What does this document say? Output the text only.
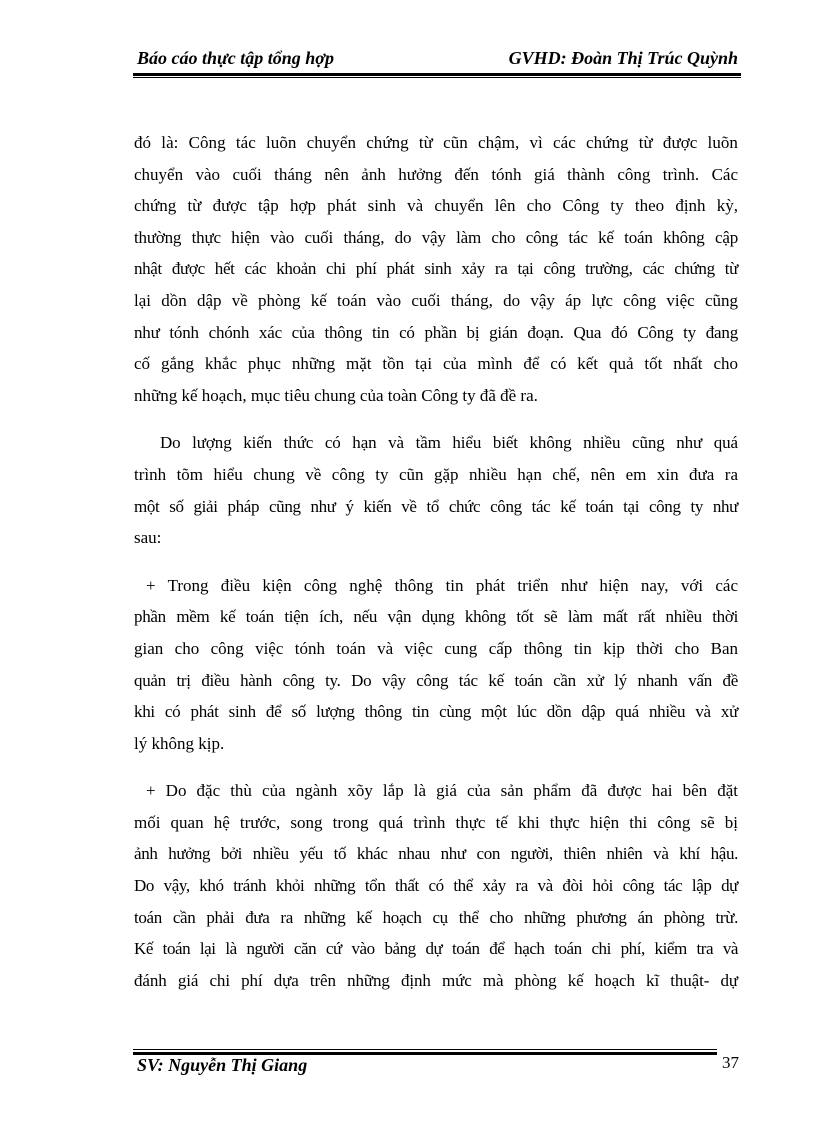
Báo cáo thực tập tổng hợp	GVHD: Đoàn Thị Trúc Quỳnh
đó là: Công tác luõn chuyển chứng từ cũn chậm, vì các chứng từ được luõn
chuyển vào cuối tháng nên ảnh hưởng đến tónh giá thành công trình. Các
chứng từ được tập hợp phát sinh và chuyển lên cho Công ty theo định kỳ,
thường thực hiện vào cuối tháng, do vậy làm cho công tác kế toán không cập
nhật được hết các khoản chi phí phát sinh xảy ra tại công trường, các chứng từ
lại dồn dập về phòng kế toán vào cuối tháng, do vậy áp lực công việc cũng
như tónh chónh xác của thông tin có phần bị gián đoạn. Qua đó Công ty đang
cố gắng khắc phục những mặt tồn tại của mình để có kết quả tốt nhất cho
những kế hoạch, mục tiêu chung của toàn Công ty đã đề ra.
Do lượng kiến thức có hạn và tầm hiểu biết không nhiều cũng như quá
trình tõm hiểu chung về công ty cũn gặp nhiều hạn chế, nên em xin đưa ra
một số giải pháp cũng như ý kiến về tổ chức công tác kế toán tại công ty như
sau:
+ Trong điều kiện công nghệ thông tin phát triển như hiện nay, với các
phần mềm kế toán tiện ích, nếu vận dụng không tốt sẽ làm mất rất nhiều thời
gian cho công việc tónh toán và việc cung cấp thông tin kịp thời cho Ban
quản trị điều hành công ty. Do vậy công tác kế toán cần xử lý nhanh vấn đề
khi có phát sinh để số lượng thông tin cùng một lúc dồn dập quá nhiều và xử
lý không kịp.
+ Do đặc thù của ngành xõy lắp là giá của sản phẩm đã được hai bên đặt
mối quan hệ trước, song trong quá trình thực tế khi thực hiện thi công sẽ bị
ảnh hưởng bởi nhiều yếu tố khác nhau như con người, thiên nhiên và khí hậu.
Do vậy, khó tránh khỏi những tổn thất có thể xảy ra và đòi hỏi công tác lập dự
toán cần phải đưa ra những kế hoạch cụ thể cho những phương án phòng trừ.
Kế toán lại là người căn cứ vào bảng dự toán để hạch toán chi phí, kiểm tra và
đánh giá chi phí dựa trên những định mức mà phòng kế hoạch kĩ thuật- dự
SV: Nguyễn Thị Giang	37
